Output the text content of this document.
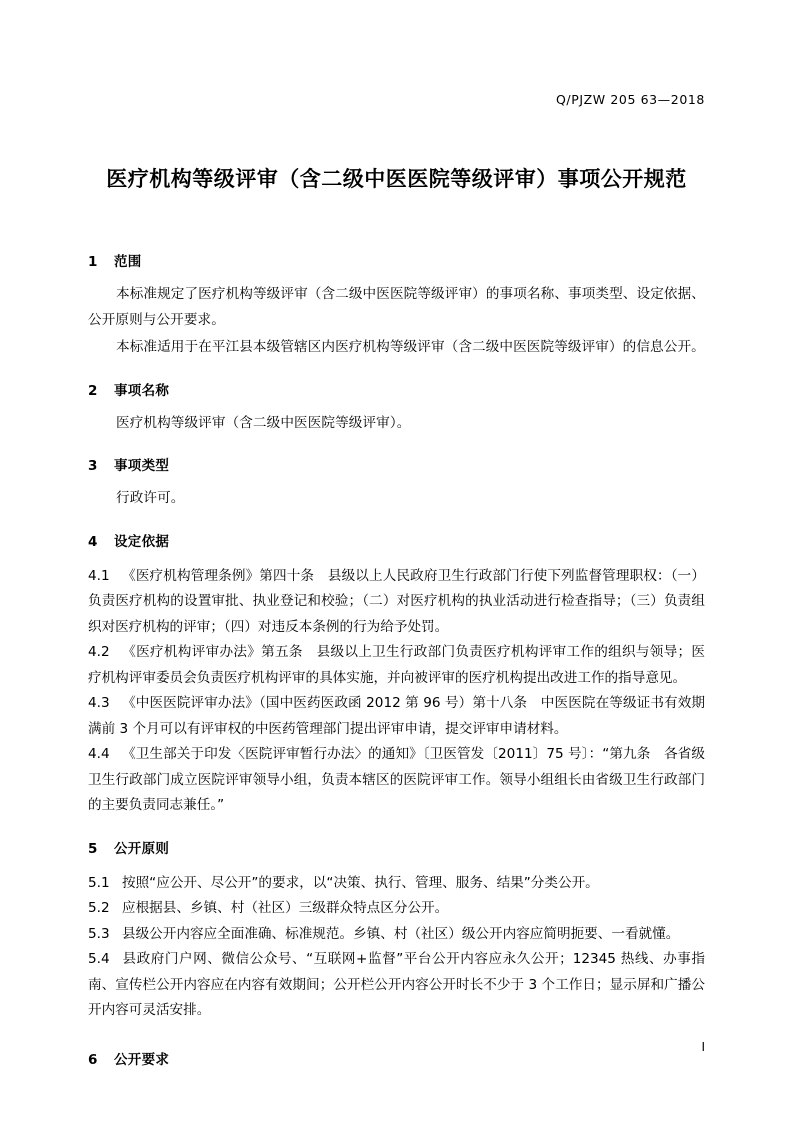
Q/PJZW 205 63—2018
医疗机构等级评审（含二级中医医院等级评审）事项公开规范
1 范围

本标准规定了医疗机构等级评审（含二级中医医院等级评审）的事项名称、事项类型、设定依据、公开原则与公开要求。

本标准适用于在平江县本级管辖区内医疗机构等级评审（含二级中医医院等级评审）的信息公开。

2 事项名称

医疗机构等级评审（含二级中医医院等级评审）。

3 事项类型

行政许可。

4 设定依据

4.1 《医疗机构管理条例》第四十条　县级以上人民政府卫生行政部门行使下列监督管理职权：（一）负责医疗机构的设置审批、执业登记和校验；（二）对医疗机构的执业活动进行检查指导；（三）负责组织对医疗机构的评审；（四）对违反本条例的行为给予处罚。

4.2 《医疗机构评审办法》第五条　县级以上卫生行政部门负责医疗机构评审工作的组织与领导；医疗机构评审委员会负责医疗机构评审的具体实施，并向被评审的医疗机构提出改进工作的指导意见。

4.3 《中医医院评审办法》（国中医药医政函 2012 第 96 号）第十八条　中医医院在等级证书有效期满前 3 个月可以有评审权的中医药管理部门提出评审申请，提交评审申请材料。

4.4 《卫生部关于印发〈医院评审暂行办法〉的通知》〔卫医管发〔2011〕75 号〕：“第九条　各省级卫生行政部门成立医院评审领导小组，负责本辖区的医院评审工作。领导小组组长由省级卫生行政部门的主要负责同志兼任。”

5 公开原则

5.1 按照“应公开、尽公开”的要求，以“决策、执行、管理、服务、结果”分类公开。

5.2 应根据县、乡镇、村（社区）三级群众特点区分公开。

5.3 县级公开内容应全面准确、标准规范。乡镇、村（社区）级公开内容应简明扼要、一看就懂。

5.4 县政府门户网、微信公众号、“互联网+监督”平台公开内容应永久公开；12345 热线、办事指南、宣传栏公开内容应在内容有效期间；公开栏公开内容公开时长不少于 3 个工作日；显示屏和广播公开内容可灵活安排。

6 公开要求
I
